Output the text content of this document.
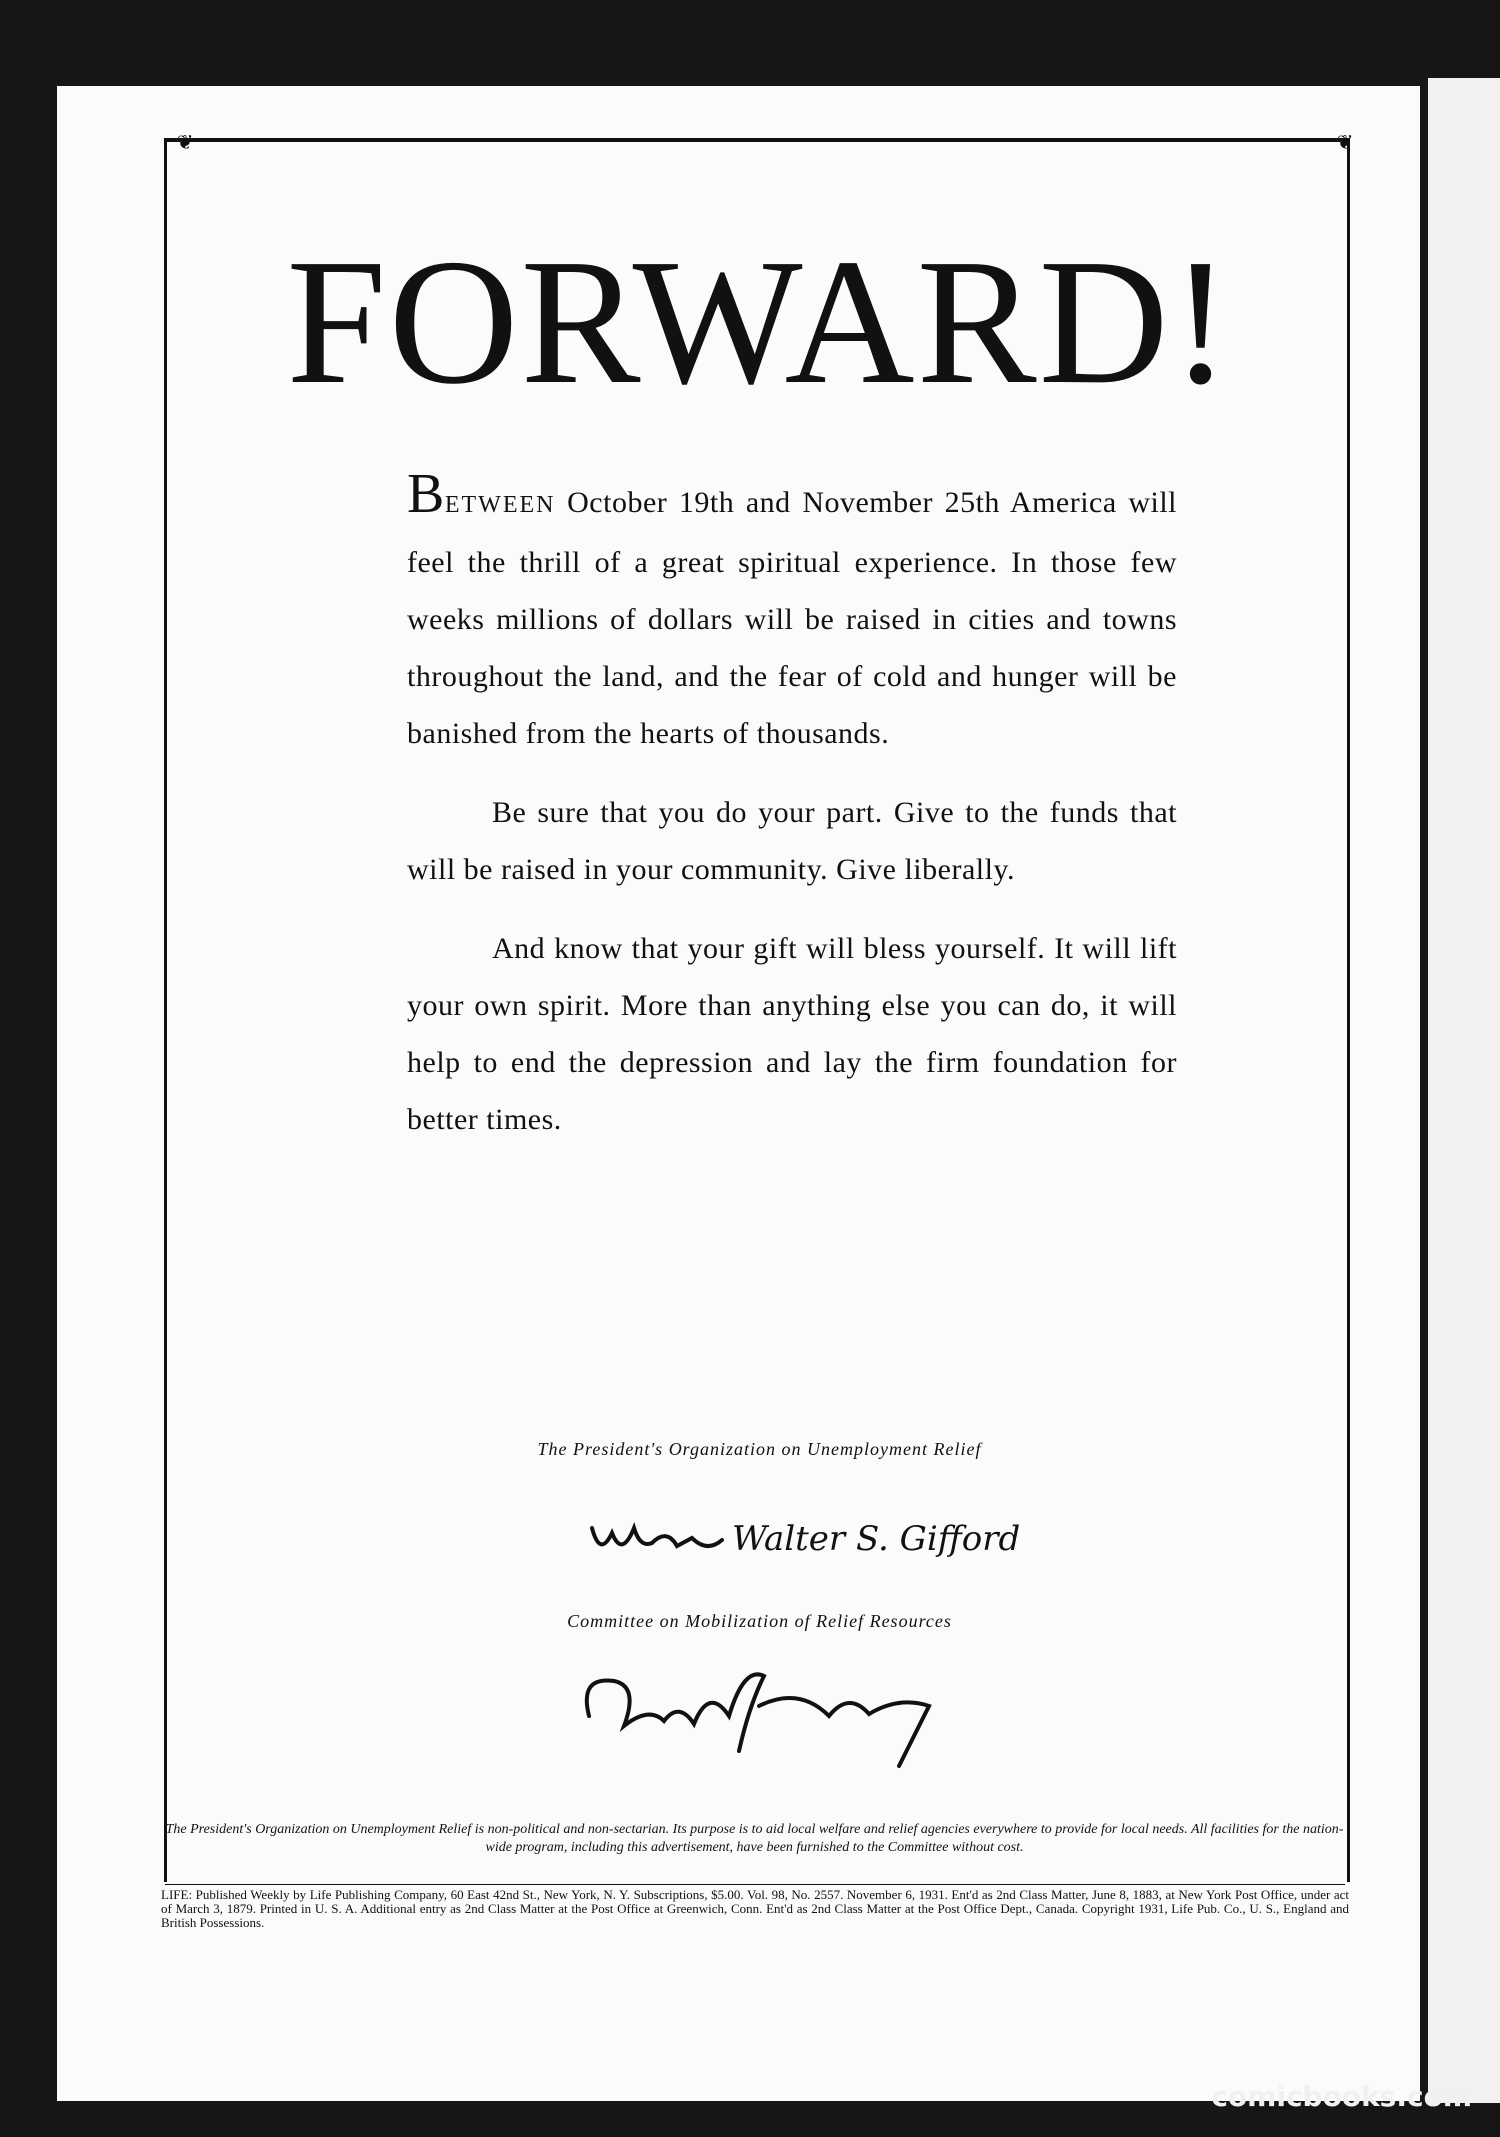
❦	❦
FORWARD!

BETWEEN October 19th and November 25th America will feel the thrill of a great spiritual experience. In those few weeks millions of dollars will be raised in cities and towns throughout the land, and the fear of cold and hunger will be banished from the hearts of thousands.

Be sure that you do your part. Give to the funds that will be raised in your community. Give liberally.

And know that your gift will bless yourself. It will lift your own spirit. More than anything else you can do, it will help to end the depression and lay the firm foundation for better times.

The President's Organization on Unemployment Relief
Walter S. Gifford
Committee on Mobilization of Relief Resources
The President's Organization on Unemployment Relief is non-political and non-sectarian. Its purpose is to aid local welfare and relief agencies everywhere to provide for local needs. All facilities for the nation-wide program, including this advertisement, have been furnished to the Committee without cost.
LIFE: Published Weekly by Life Publishing Company, 60 East 42nd St., New York, N. Y. Subscriptions, $5.00. Vol. 98, No. 2557. November 6, 1931. Ent'd as 2nd Class Matter, June 8, 1883, at New York Post Office, under act of March 3, 1879. Printed in U. S. A. Additional entry as 2nd Class Matter at the Post Office at Greenwich, Conn. Ent'd as 2nd Class Matter at the Post Office Dept., Canada. Copyright 1931, Life Pub. Co., U. S., England and British Possessions.
comicbooks.com
